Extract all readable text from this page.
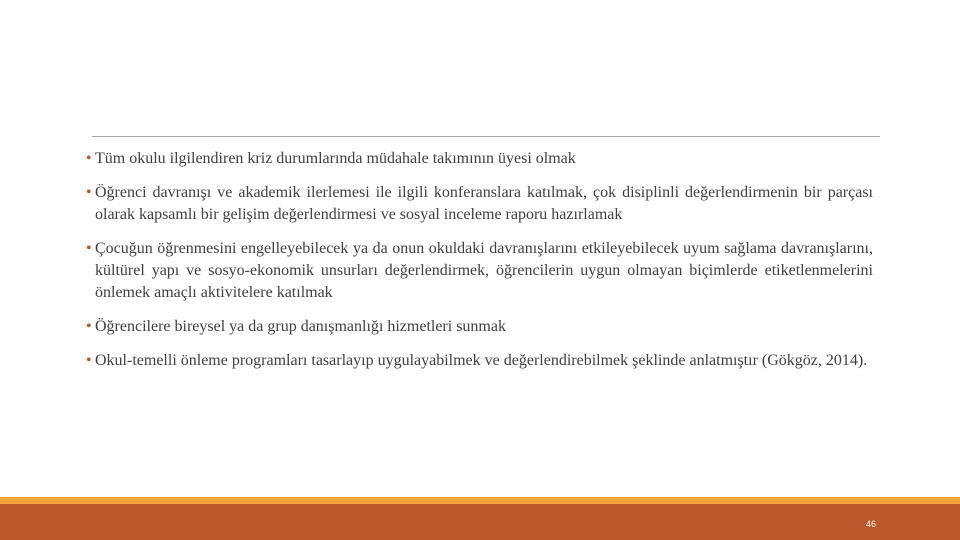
• Tüm okulu ilgilendiren kriz durumlarında müdahale takımının üyesi olmak
• Öğrenci davranışı ve akademik ilerlemesi ile ilgili konferanslara katılmak, çok disiplinli değerlendirmenin bir parçası olarak kapsamlı bir gelişim değerlendirmesi ve sosyal inceleme raporu hazırlamak
• Çocuğun öğrenmesini engelleyebilecek ya da onun okuldaki davranışlarını etkileyebilecek uyum sağlama davranışlarını, kültürel yapı ve sosyo-ekonomik unsurları değerlendirmek, öğrencilerin uygun olmayan biçimlerde etiketlenmelerini önlemek amaçlı aktivitelere katılmak
• Öğrencilere bireysel ya da grup danışmanlığı hizmetleri sunmak
• Okul-temelli önleme programları tasarlayıp uygulayabilmek ve değerlendirebilmek şeklinde anlatmıştır (Gökgöz, 2014).
46
